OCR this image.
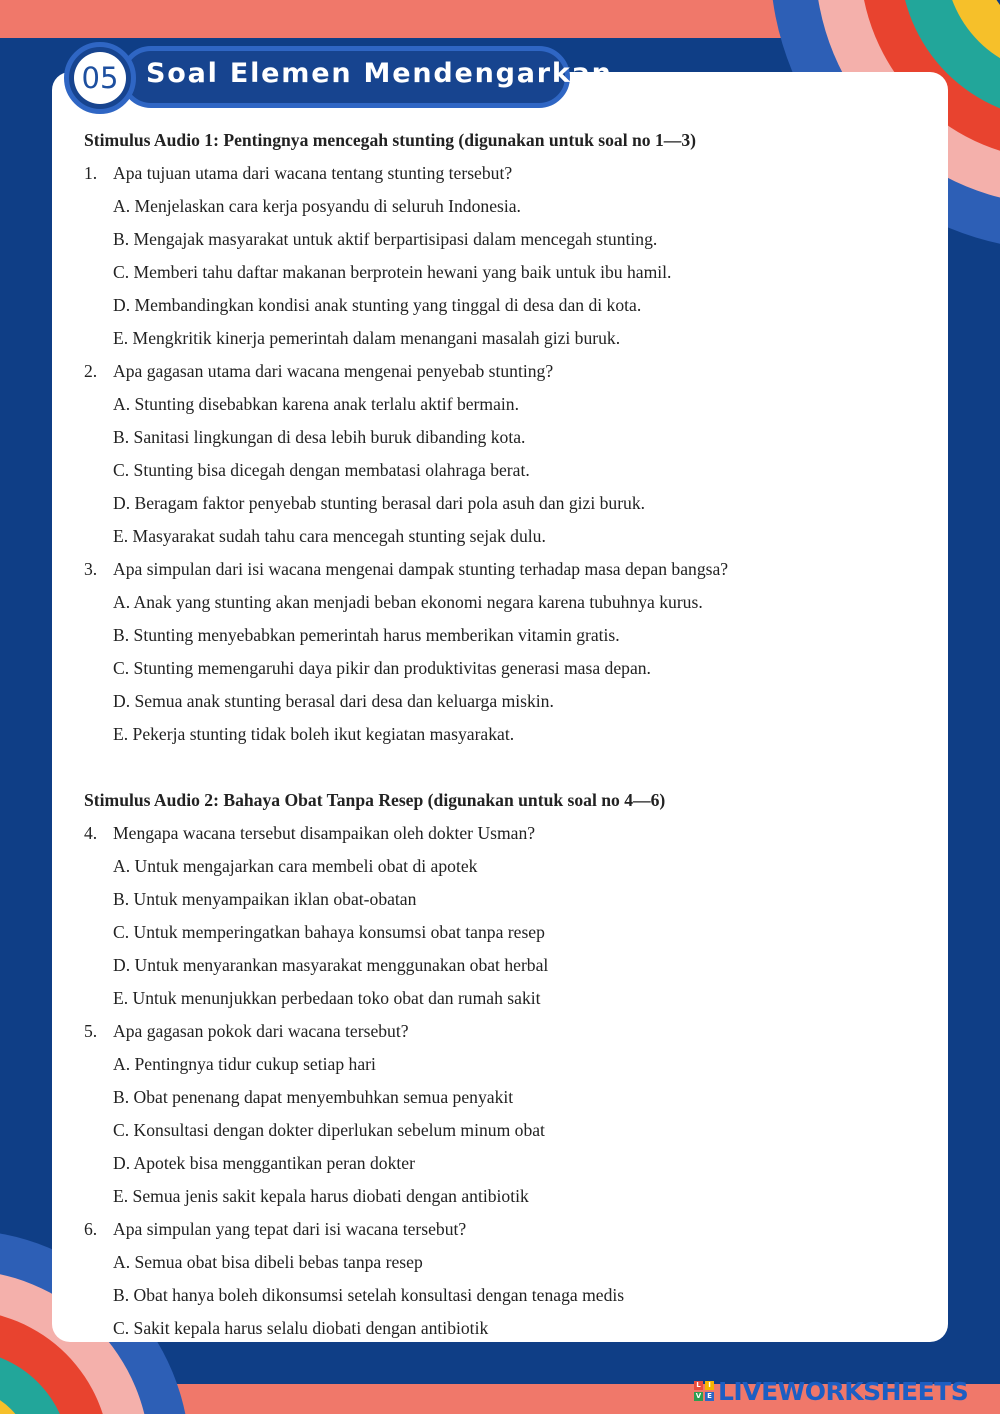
05 Soal Elemen Mendengarkan
Stimulus Audio 1: Pentingnya mencegah stunting (digunakan untuk soal no 1—3)
1. Apa tujuan utama dari wacana tentang stunting tersebut?
A. Menjelaskan cara kerja posyandu di seluruh Indonesia.
B. Mengajak masyarakat untuk aktif berpartisipasi dalam mencegah stunting.
C. Memberi tahu daftar makanan berprotein hewani yang baik untuk ibu hamil.
D. Membandingkan kondisi anak stunting yang tinggal di desa dan di kota.
E. Mengkritik kinerja pemerintah dalam menangani masalah gizi buruk.
2. Apa gagasan utama dari wacana mengenai penyebab stunting?
A. Stunting disebabkan karena anak terlalu aktif bermain.
B. Sanitasi lingkungan di desa lebih buruk dibanding kota.
C. Stunting bisa dicegah dengan membatasi olahraga berat.
D. Beragam faktor penyebab stunting berasal dari pola asuh dan gizi buruk.
E. Masyarakat sudah tahu cara mencegah stunting sejak dulu.
3. Apa simpulan dari isi wacana mengenai dampak stunting terhadap masa depan bangsa?
A. Anak yang stunting akan menjadi beban ekonomi negara karena tubuhnya kurus.
B. Stunting menyebabkan pemerintah harus memberikan vitamin gratis.
C. Stunting memengaruhi daya pikir dan produktivitas generasi masa depan.
D. Semua anak stunting berasal dari desa dan keluarga miskin.
E. Pekerja stunting tidak boleh ikut kegiatan masyarakat.
Stimulus Audio 2: Bahaya Obat Tanpa Resep (digunakan untuk soal no 4—6)
4. Mengapa wacana tersebut disampaikan oleh dokter Usman?
A. Untuk mengajarkan cara membeli obat di apotek
B. Untuk menyampaikan iklan obat-obatan
C. Untuk memperingatkan bahaya konsumsi obat tanpa resep
D. Untuk menyarankan masyarakat menggunakan obat herbal
E. Untuk menunjukkan perbedaan toko obat dan rumah sakit
5. Apa gagasan pokok dari wacana tersebut?
A. Pentingnya tidur cukup setiap hari
B. Obat penenang dapat menyembuhkan semua penyakit
C. Konsultasi dengan dokter diperlukan sebelum minum obat
D. Apotek bisa menggantikan peran dokter
E. Semua jenis sakit kepala harus diobati dengan antibiotik
6. Apa simpulan yang tepat dari isi wacana tersebut?
A. Semua obat bisa dibeli bebas tanpa resep
B. Obat hanya boleh dikonsumsi setelah konsultasi dengan tenaga medis
C. Sakit kepala harus selalu diobati dengan antibiotik
L	I
V E LIVEWORKSHEETS
